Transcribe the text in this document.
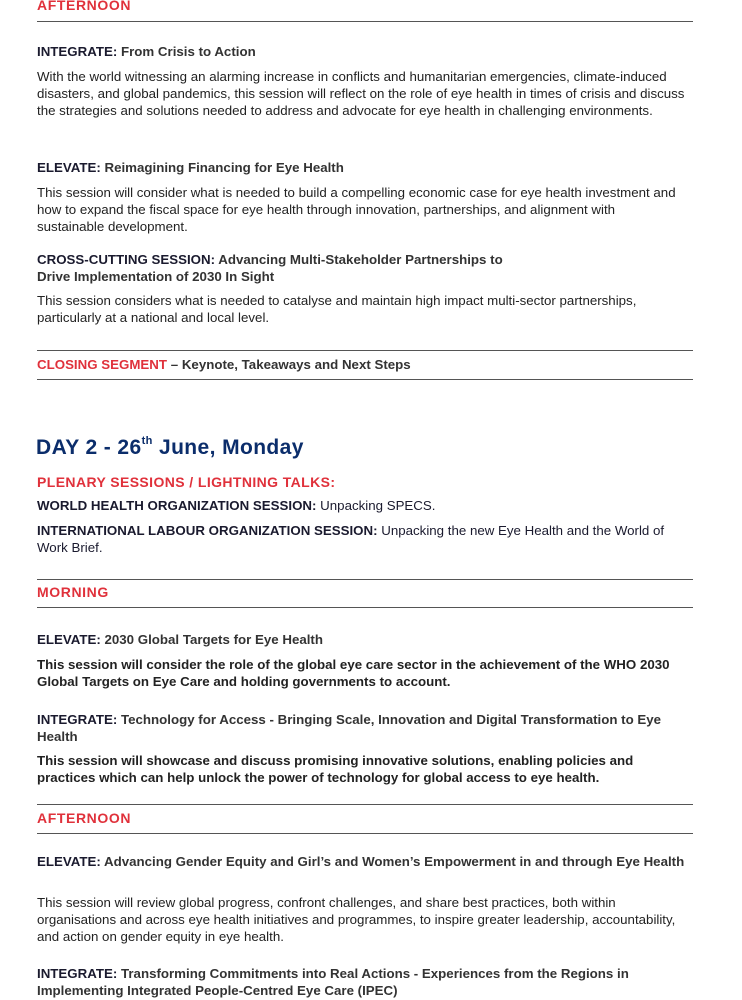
AFTERNOON
INTEGRATE: From Crisis to Action
With the world witnessing an alarming increase in conflicts and humanitarian emergencies, climate-induced disasters, and global pandemics, this session will reflect on the role of eye health in times of crisis and discuss the strategies and solutions needed to address and advocate for eye health in challenging environments.
ELEVATE: Reimagining Financing for Eye Health
This session will consider what is needed to build a compelling economic case for eye health investment and how to expand the fiscal space for eye health through innovation, partnerships, and alignment with sustainable development.
CROSS-CUTTING SESSION: Advancing Multi-Stakeholder Partnerships to Drive Implementation of 2030 In Sight
This session considers what is needed to catalyse and maintain high impact multi-sector partnerships, particularly at a national and local level.
CLOSING SEGMENT – Keynote, Takeaways and Next Steps
DAY 2 - 26th June, Monday
PLENARY SESSIONS / LIGHTNING TALKS:
WORLD HEALTH ORGANIZATION SESSION: Unpacking SPECS.
INTERNATIONAL LABOUR ORGANIZATION SESSION: Unpacking the new Eye Health and the World of Work Brief.
MORNING
ELEVATE: 2030 Global Targets for Eye Health
This session will consider the role of the global eye care sector in the achievement of the WHO 2030 Global Targets on Eye Care and holding governments to account.
INTEGRATE: Technology for Access - Bringing Scale, Innovation and Digital Transformation to Eye Health
This session will showcase and discuss promising innovative solutions, enabling policies and practices which can help unlock the power of technology for global access to eye health.
AFTERNOON
ELEVATE: Advancing Gender Equity and Girl’s and Women’s Empowerment in and through Eye Health
This session will review global progress, confront challenges, and share best practices, both within organisations and across eye health initiatives and programmes, to inspire greater leadership, accountability, and action on gender equity in eye health.
INTEGRATE: Transforming Commitments into Real Actions - Experiences from the Regions in Implementing Integrated People-Centred Eye Care (IPEC)
